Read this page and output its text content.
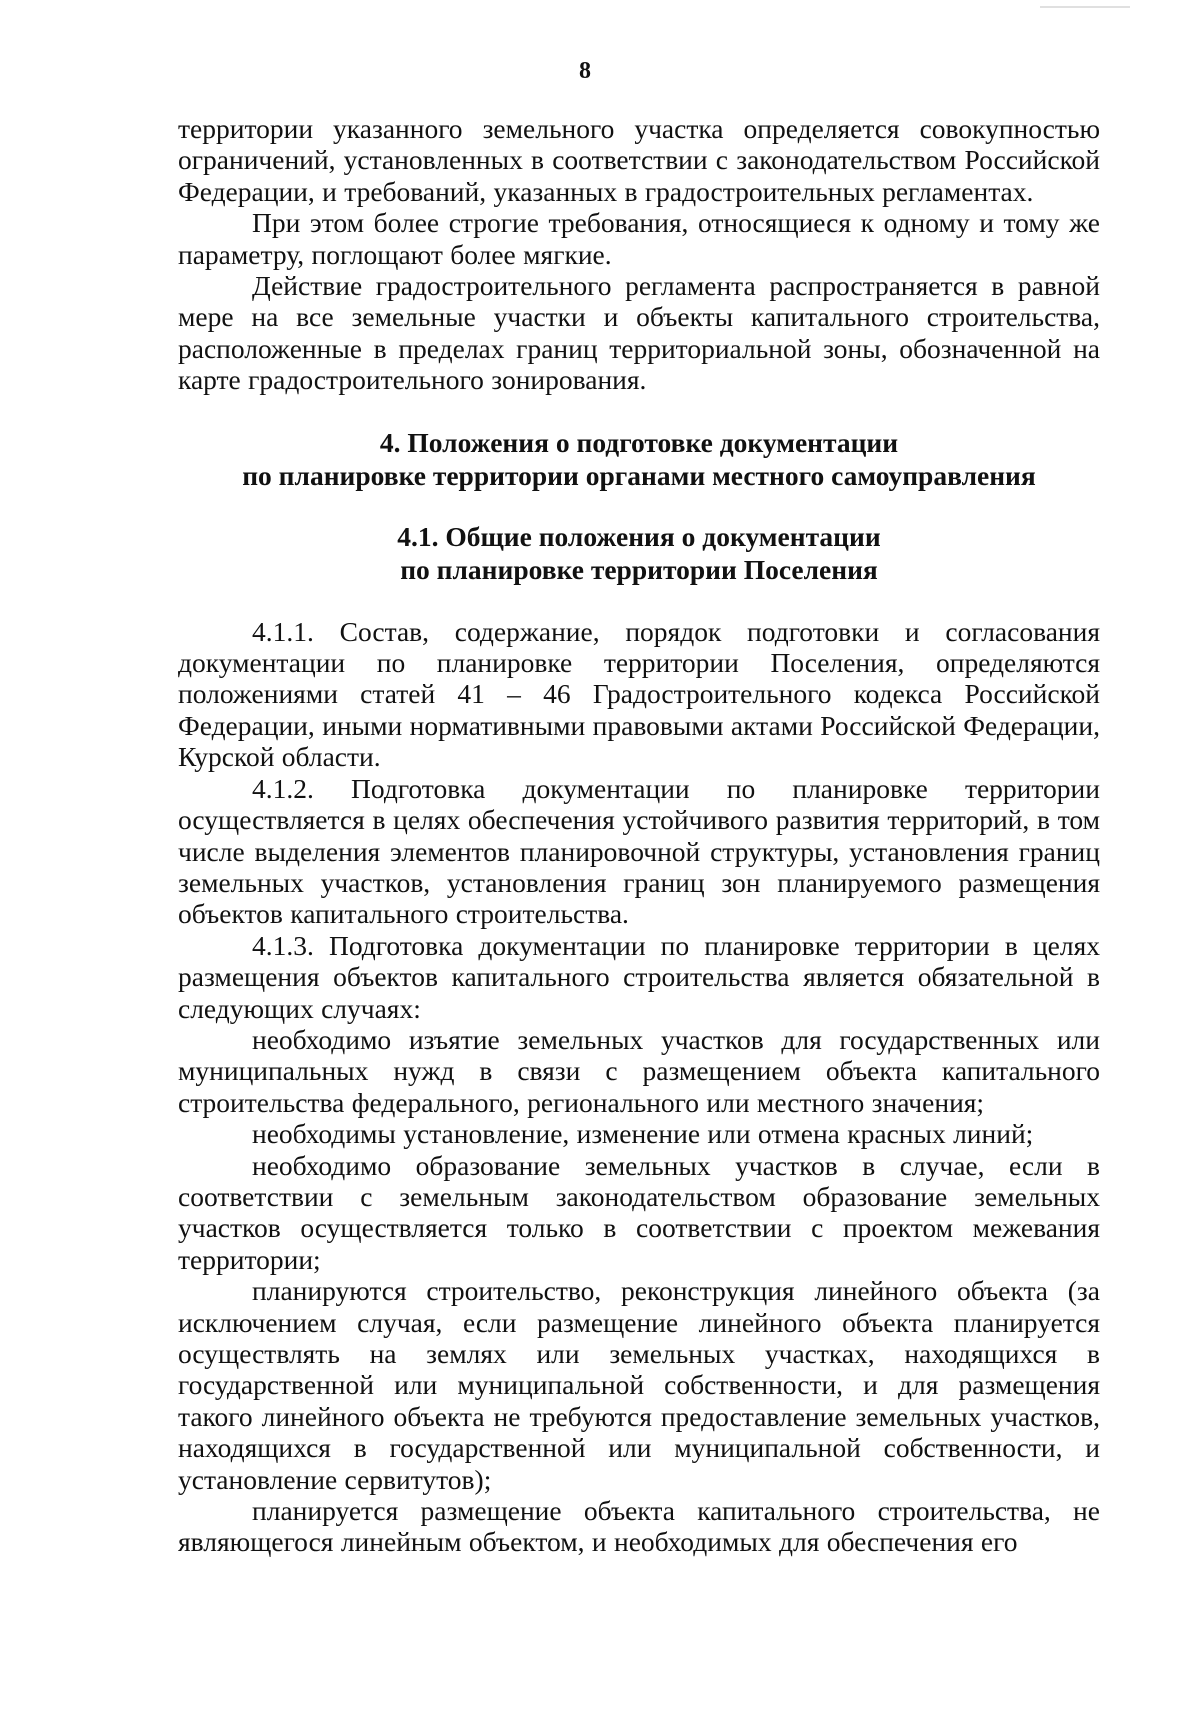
8

территории указанного земельного участка определяется совокупностью ограничений, установленных в соответствии с законодательством Российской Федерации, и требований, указанных в градостроительных регламентах.

При этом более строгие требования, относящиеся к одному и тому же параметру, поглощают более мягкие.

Действие градостроительного регламента распространяется в равной мере на все земельные участки и объекты капитального строительства, расположенные в пределах границ территориальной зоны, обозначенной на карте градостроительного зонирования.

4. Положения о подготовке документации
по планировке территории органами местного самоуправления
4.1. Общие положения о документации
по планировке территории Поселения

4.1.1. Состав, содержание, порядок подготовки и согласования документации по планировке территории Поселения, определяются положениями статей 41 – 46 Градостроительного кодекса Российской Федерации, иными нормативными правовыми актами Российской Федерации, Курской области.

4.1.2. Подготовка документации по планировке территории осуществляется в целях обеспечения устойчивого развития территорий, в том числе выделения элементов планировочной структуры, установления границ земельных участков, установления границ зон планируемого размещения объектов капитального строительства.

4.1.3. Подготовка документации по планировке территории в целях размещения объектов капитального строительства является обязательной в следующих случаях:

необходимо изъятие земельных участков для государственных или муниципальных нужд в связи с размещением объекта капитального строительства федерального, регионального или местного значения;

необходимы установление, изменение или отмена красных линий;

необходимо образование земельных участков в случае, если в соответствии с земельным законодательством образование земельных участков осуществляется только в соответствии с проектом межевания территории;

планируются строительство, реконструкция линейного объекта (за исключением случая, если размещение линейного объекта планируется осуществлять на землях или земельных участках, находящихся в государственной или муниципальной собственности, и для размещения такого линейного объекта не требуются предоставление земельных участков, находящихся в государственной или муниципальной собственности, и установление сервитутов);

планируется размещение объекта капитального строительства, не являющегося линейным объектом, и необходимых для обеспечения его
